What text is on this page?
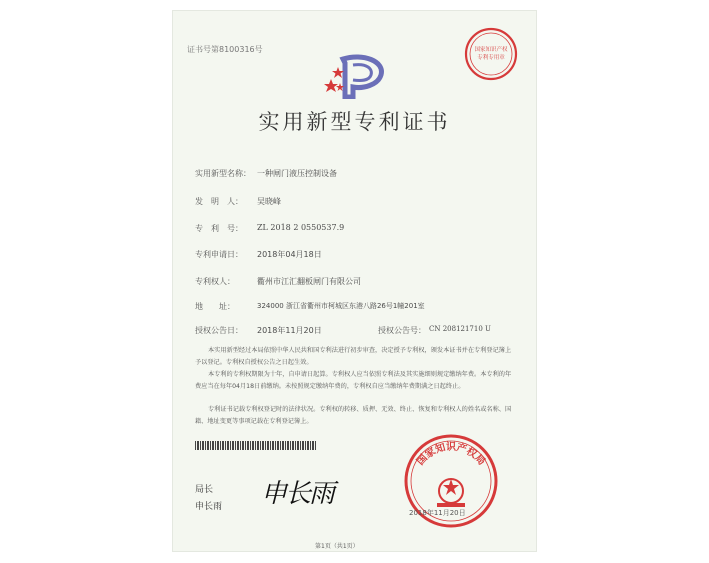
证书号第8100316号	国家知识产权
专利专用章
实用新型专利证书
实用新型名称： 一种闸门液压控制设备
发　明　人： 吴晓峰
专　利　号： ZL 2018 2 0550537.9
专利申请日： 2018年04月18日
专利权人：	衢州市江汇翻板闸门有限公司
地　　址：	324000 浙江省衢州市柯城区东港八路26号1幢201室
授权公告日： 2018年11月20日	授权公告号： CN 208121710 U
本实用新型经过本局依照中华人民共和国专利法进行初步审查，决定授予专利权，颁发本证书并在专利登记簿上予以登记。专利权自授权公告之日起生效。
本专利的专利权期限为十年，自申请日起算。专利权人应当依照专利法及其实施细则规定缴纳年费。本专利的年费应当在每年04月18日前缴纳。未按照规定缴纳年费的，专利权自应当缴纳年费期满之日起终止。
专利证书记载专利权登记时的法律状况。专利权的转移、质押、无效、终止、恢复和专利权人的姓名或名称、国籍、地址变更等事项记载在专利登记簿上。
局长
申长雨 申长雨
国家知识产权局
2018年11月20日
第1页（共1页）
